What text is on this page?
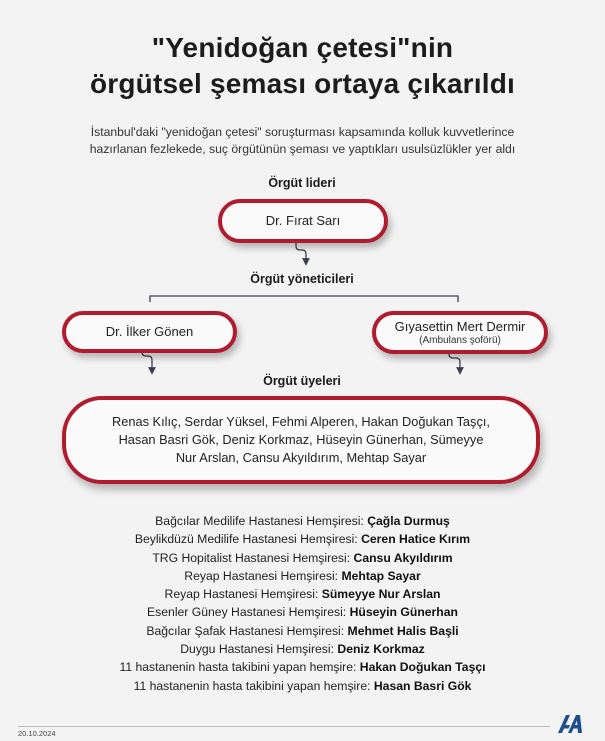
"Yenidoğan çetesi"nin
örgütsel şeması ortaya çıkarıldı
İstanbul'daki "yenidoğan çetesi" soruşturması kapsamında kolluk kuvvetlerince
hazırlanan fezlekede, suç örgütünün şeması ve yaptıkları usulsüzlükler yer aldı
Örgüt lideri
Dr. Fırat Sarı
Örgüt yöneticileri
Dr. İlker Gönen	Gıyasettin Mert Dermir
(Ambulans şoförü)
Örgüt üyeleri
Renas Kılıç, Serdar Yüksel, Fehmi Alperen, Hakan Doğukan Taşçı,
Hasan Basri Gök, Deniz Korkmaz, Hüseyin Günerhan, Sümeyye
Nur Arslan, Cansu Akyıldırım, Mehtap Sayar
Bağcılar Medilife Hastanesi Hemşiresi: Çağla Durmuş
Beylikdüzü Medilife Hastanesi Hemşiresi: Ceren Hatice Kırım
TRG Hopitalist Hastanesi Hemşiresi: Cansu Akyıldırım
Reyap Hastanesi Hemşiresi: Mehtap Sayar
Reyap Hastanesi Hemşiresi: Sümeyye Nur Arslan
Esenler Güney Hastanesi Hemşiresi: Hüseyin Günerhan
Bağcılar Şafak Hastanesi Hemşiresi: Mehmet Halis Başli
Duygu Hastanesi Hemşiresi: Deniz Korkmaz
11 hastanenin hasta takibini yapan hemşire: Hakan Doğukan Taşçı
11 hastanenin hasta takibini yapan hemşire: Hasan Basri Gök
20.10.2024
